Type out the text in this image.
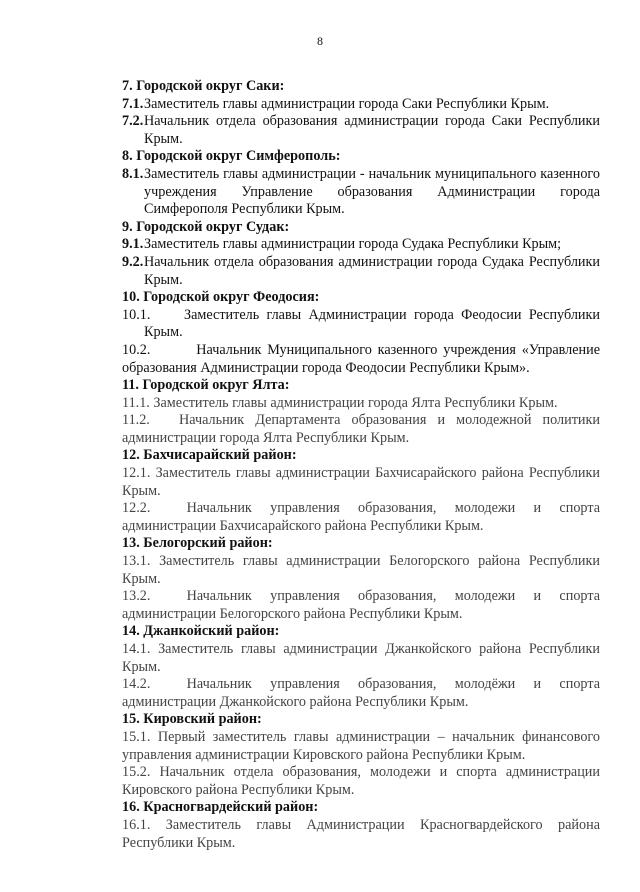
8

7. Городской округ Саки:

7.1. Заместитель главы администрации города Саки Республики Крым.
7.2. Начальник отдела образования администрации города Саки Республики Крым.

8. Городской округ Симферополь:

8.1. Заместитель главы администрации - начальник муниципального казенного учреждения Управление образования Администрации города Симферополя Республики Крым.

9. Городской округ Судак:

9.1. Заместитель главы администрации города Судака Республики Крым;
9.2. Начальник отдела образования администрации города Судака Республики Крым.

10. Городской округ Феодосия:

10.1. Заместитель главы Администрации города Феодосии Республики Крым.
10.2.	Начальник Муниципального казенного учреждения «Управление образования Администрации города Феодосии Республики Крым».

11. Городской округ Ялта:

11.1. Заместитель главы администрации города Ялта Республики Крым.
11.2. Начальник Департамента образования и молодежной политики администрации города Ялта Республики Крым.

12. Бахчисарайский район:

12.1. Заместитель главы администрации Бахчисарайского района Республики Крым.
12.2.	Начальник управления образования, молодежи и спорта администрации Бахчисарайского района Республики Крым.

13. Белогорский район:

13.1. Заместитель главы администрации Белогорского района Республики Крым.
13.2.	Начальник управления образования, молодежи и спорта администрации Белогорского района Республики Крым.

14. Джанкойский район:

14.1. Заместитель главы администрации Джанкойского района Республики Крым.
14.2.	Начальник управления образования, молодёжи и спорта администрации Джанкойского района Республики Крым.

15. Кировский район:

15.1. Первый заместитель главы администрации – начальник финансового управления администрации Кировского района Республики Крым.
15.2. Начальник отдела образования, молодежи и спорта администрации Кировского района Республики Крым.

16. Красногвардейский район:

16.1. Заместитель главы Администрации Красногвардейского района Республики Крым.
